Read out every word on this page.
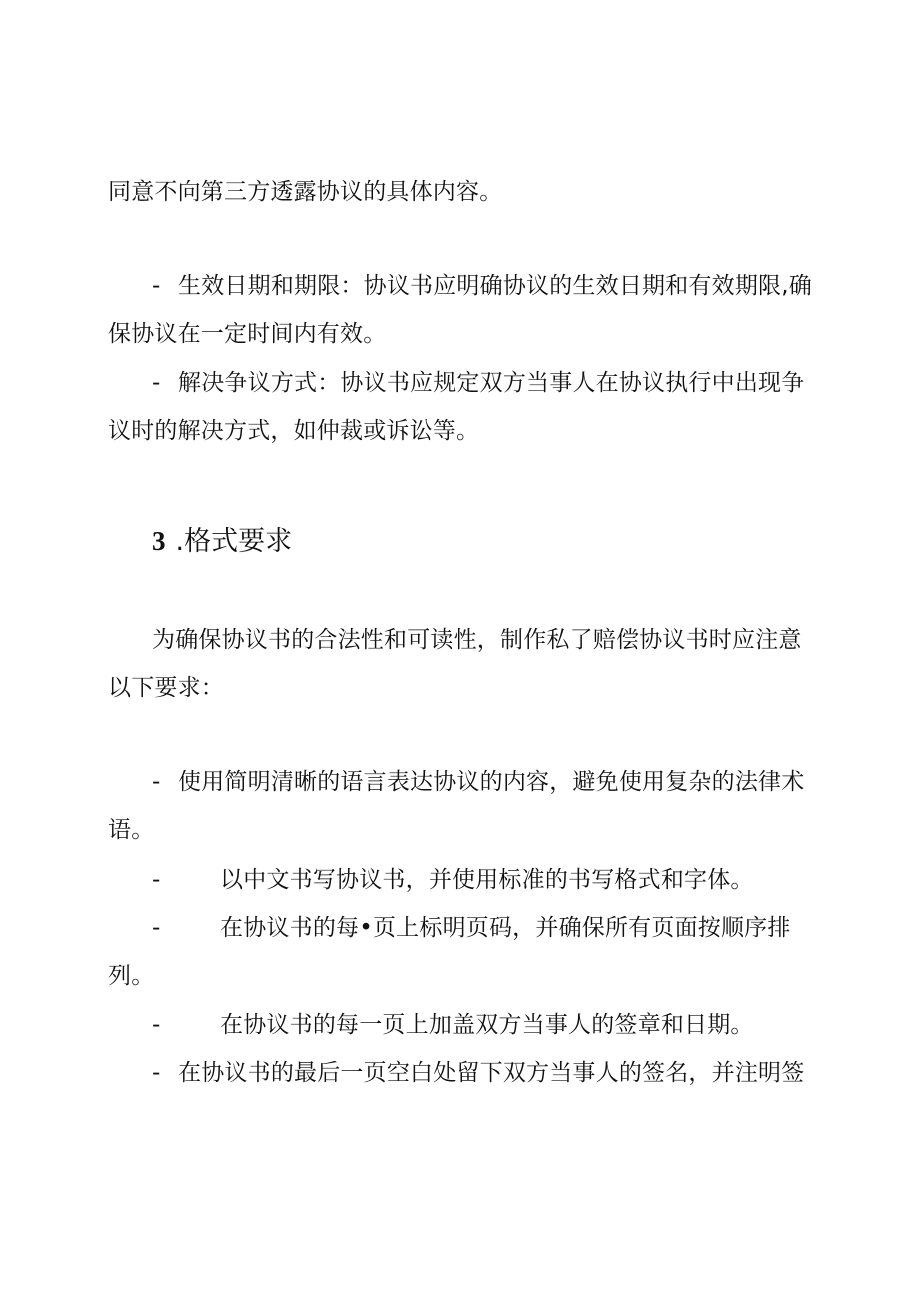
同意不向第三方透露协议的具体内容。
- 生效日期和期限：协议书应明确协议的生效日期和有效期限,确
保协议在一定时间内有效。
- 解决争议方式：协议书应规定双方当事人在协议执行中出现争
议时的解决方式，如仲裁或诉讼等。
3 .格式要求
为确保协议书的合法性和可读性，制作私了赔偿协议书时应注意
以下要求：
- 使用简明清晰的语言表达协议的内容，避免使用复杂的法律术
语。
-	以中文书写协议书，并使用标准的书写格式和字体。
-	在协议书的每•页上标明页码，并确保所有页面按顺序排
列。
-	在协议书的每一页上加盖双方当事人的签章和日期。
- 在协议书的最后一页空白处留下双方当事人的签名，并注明签
